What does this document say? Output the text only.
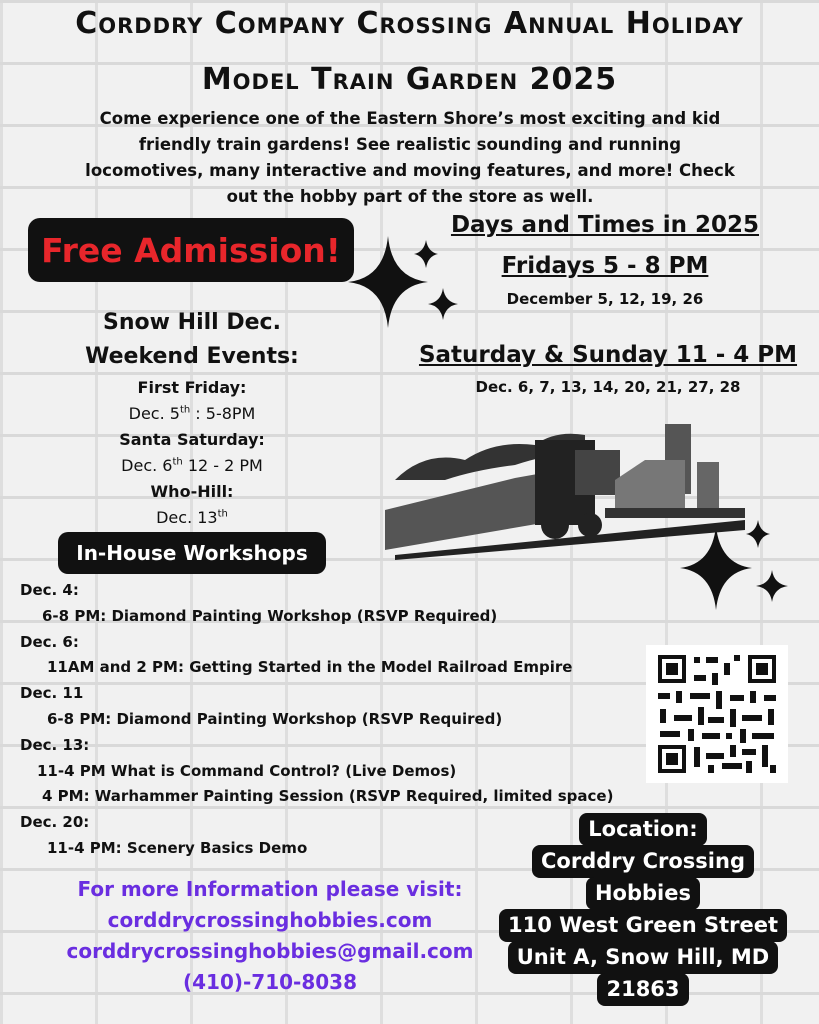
Corddry Company Crossing Annual Holiday
Model Train Garden 2025
Come experience one of the Eastern Shore’s most exciting and kid friendly train gardens! See realistic sounding and running locomotives, many interactive and moving features, and more! Check out the hobby part of the store as well.
Free Admission!
Days and Times in 2025
Fridays 5 - 8 PM
December 5, 12, 19, 26
Saturday & Sunday 11 - 4 PM
Dec. 6, 7, 13, 14, 20, 21, 27, 28
Snow Hill Dec.
Weekend Events:
First Friday:
Dec. 5th : 5-8PM
Santa Saturday:
Dec. 6th 12 - 2 PM
Who-Hill:
Dec. 13th
In-House Workshops
Dec. 4:
6-8 PM: Diamond Painting Workshop (RSVP Required)
Dec. 6:
11AM and 2 PM: Getting Started in the Model Railroad Empire
Dec. 11
6-8 PM: Diamond Painting Workshop (RSVP Required)
Dec. 13:
11-4 PM What is Command Control? (Live Demos)
4 PM: Warhammer Painting Session (RSVP Required, limited space)
Dec. 20:
11-4 PM: Scenery Basics Demo
For more Information please visit:
corddrycrossinghobbies.com
corddrycrossinghobbies@gmail.com
(410)-710-8038
Location:
Corddry Crossing
Hobbies
110 West Green Street
Unit A, Snow Hill, MD
21863
